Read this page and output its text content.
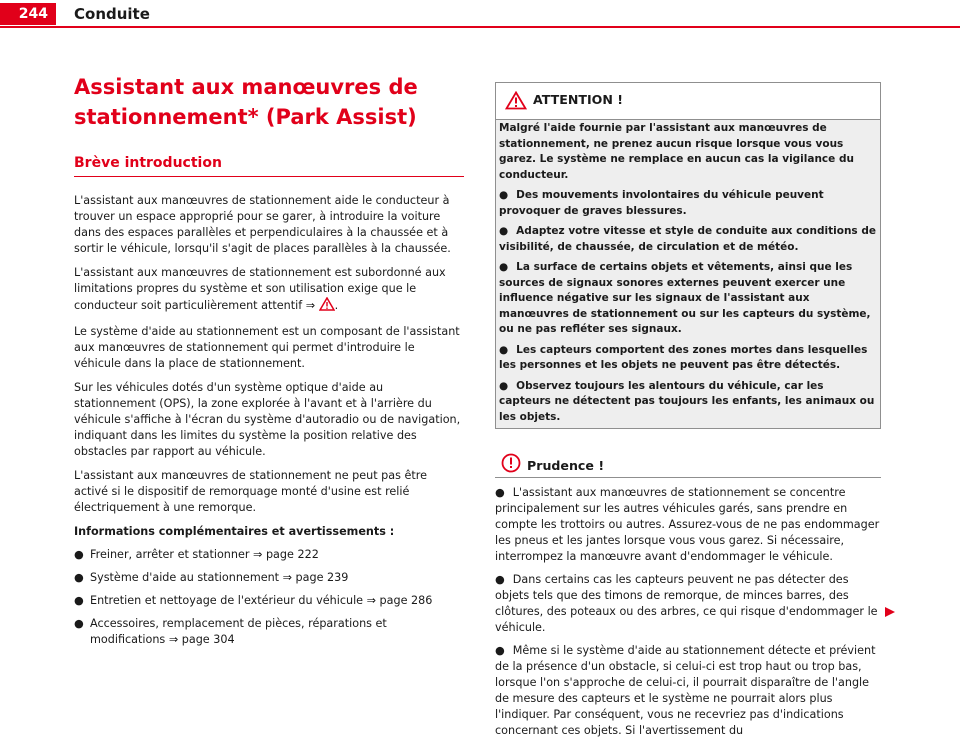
244	Conduite
Assistant aux manœuvres de stationnement* (Park Assist)
Brève introduction

L'assistant aux manœuvres de stationnement aide le conducteur à trouver un espace approprié pour se garer, à introduire la voiture dans des espaces parallèles et perpendiculaires à la chaussée et à sortir le véhicule, lorsqu'il s'agit de places parallèles à la chaussée.

L'assistant aux manœuvres de stationnement est subordonné aux limitations propres du système et son utilisation exige que le conducteur soit particulièrement attentif ⇒ .

Le système d'aide au stationnement est un composant de l'assistant aux manœuvres de stationnement qui permet d'introduire le véhicule dans la place de stationnement.

Sur les véhicules dotés d'un système optique d'aide au stationnement (OPS), la zone explorée à l'avant et à l'arrière du véhicule s'affiche à l'écran du système d'autoradio ou de navigation, indiquant dans les limites du système la position relative des obstacles par rapport au véhicule.

L'assistant aux manœuvres de stationnement ne peut pas être activé si le dispositif de remorquage monté d'usine est relié électriquement à une remorque.

Informations complémentaires et avertissements :

● Freiner, arrêter et stationner ⇒ page 222
● Système d'aide au stationnement ⇒ page 239
● Entretien et nettoyage de l'extérieur du véhicule ⇒ page 286
● Accessoires, remplacement de pièces, réparations et modifications ⇒ page 304
ATTENTION !

Malgré l'aide fournie par l'assistant aux manœuvres de stationnement, ne prenez aucun risque lorsque vous vous garez. Le système ne remplace en aucun cas la vigilance du conducteur.

● Des mouvements involontaires du véhicule peuvent provoquer de graves blessures.

● Adaptez votre vitesse et style de conduite aux conditions de visibilité, de chaussée, de circulation et de météo.

● La surface de certains objets et vêtements, ainsi que les sources de signaux sonores externes peuvent exercer une influence négative sur les signaux de l'assistant aux manœuvres de stationnement ou sur les capteurs du système, ou ne pas refléter ses signaux.

● Les capteurs comportent des zones mortes dans lesquelles les personnes et les objets ne peuvent pas être détectés.

● Observez toujours les alentours du véhicule, car les capteurs ne détectent pas toujours les enfants, les animaux ou les objets.

Prudence !
● L'assistant aux manœuvres de stationnement se concentre principalement sur les autres véhicules garés, sans prendre en compte les trottoirs ou autres. Assurez-vous de ne pas endommager les pneus et les jantes lorsque vous vous garez. Si nécessaire, interrompez la manœuvre avant d'endommager le véhicule.
● Dans certains cas les capteurs peuvent ne pas détecter des objets tels que des timons de remorque, de minces barres, des clôtures, des poteaux ou des arbres, ce qui risque d'endommager le véhicule.
● Même si le système d'aide au stationnement détecte et prévient de la présence d'un obstacle, si celui-ci est trop haut ou trop bas, lorsque l'on s'approche de celui-ci, il pourrait disparaître de l'angle de mesure des capteurs et le système ne pourrait alors plus l'indiquer. Par conséquent, vous ne recevriez pas d'indications concernant ces objets. Si l'avertissement du
